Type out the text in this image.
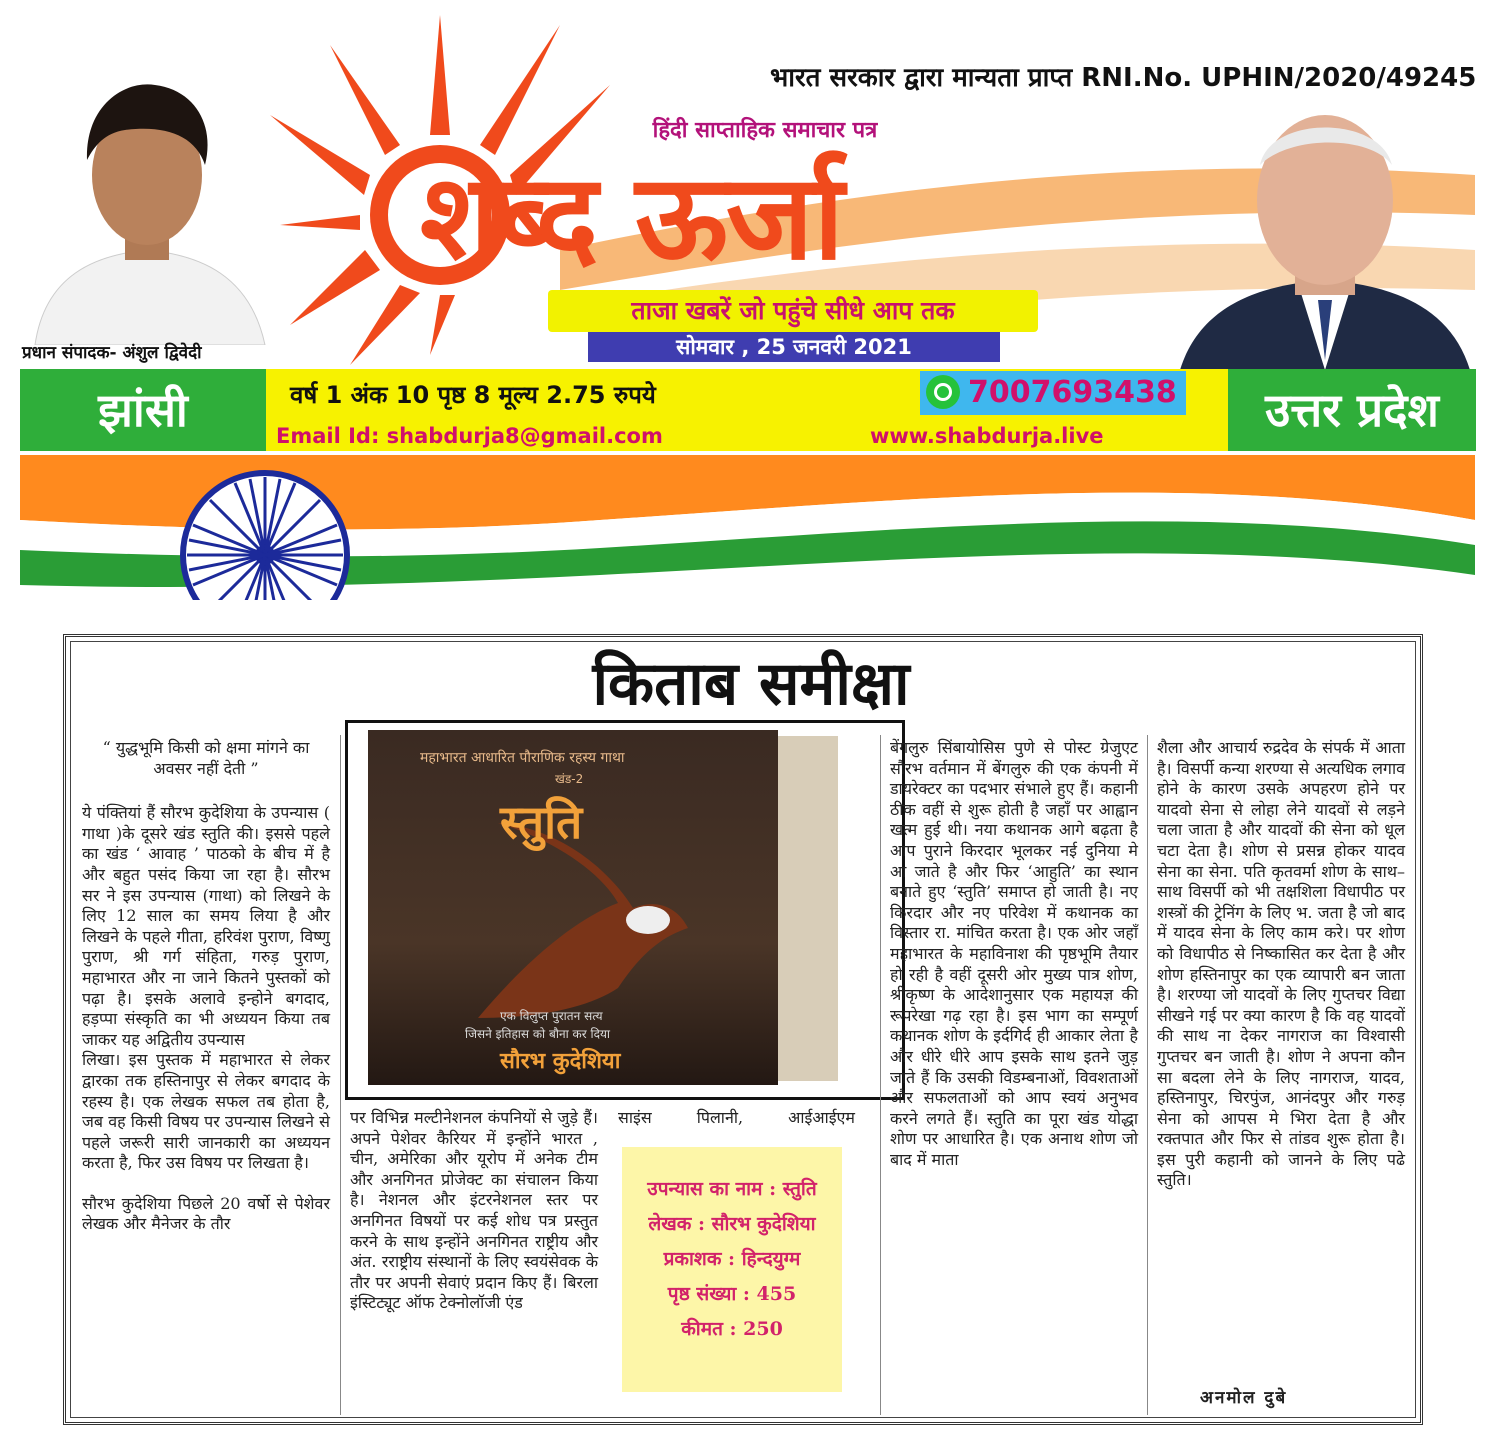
भारत सरकार द्वारा मान्यता प्राप्त RNI.No. UPHIN/2020/49245
हिंदी साप्ताहिक समाचार पत्र
शब्द ऊर्जा
ताजा खबरें जो पहुंचे सीधे आप तक
सोमवार , 25 जनवरी 2021
प्रधान संपादक- अंशुल द्विवेदी
झांसी	वर्ष 1 अंक 10 पृष्ठ 8 मूल्य 2.75 रुपये	7007693438
Email Id: shabdurja8@gmail.com	www.shabdurja.live	उत्तर प्रदेश
किताब समीक्षा

“ युद्धभूमि किसी को क्षमा मांगने का अवसर नहीं देती ”

ये पंक्तियां हैं सौरभ कुदेशिया के उपन्यास ( गाथा )के दूसरे खंड स्तुति की। इससे पहले का खंड ‘ आवाह ’ पाठको के बीच में है और बहुत पसंद किया जा रहा है। सौरभ सर ने इस उपन्यास (गाथा) को लिखने के लिए 12 साल का समय लिया है और लिखने के पहले गीता, हरिवंश पुराण, विष्णु पुराण, श्री गर्ग संहिता, गरुड़ पुराण, महाभारत और ना जाने कितने पुस्तकों को पढ़ा है। इसके अलावे इन्होने बगदाद, हड़प्पा संस्कृति का भी अध्ययन किया तब जाकर यह अद्वितीय उपन्यास

लिखा। इस पुस्तक में महाभारत से लेकर द्वारका तक हस्तिनापुर से लेकर बगदाद के रहस्य है। एक लेखक सफल तब होता है, जब वह किसी विषय पर उपन्यास लिखने से पहले जरूरी सारी जानकारी का अध्ययन करता है, फिर उस विषय पर लिखता है।

सौरभ कुदेशिया पिछले 20 वर्षो से पेशेवर लेखक और मैनेजर के तौर

महाभारत आधारित पौराणिक रहस्य गाथा
खंड-2
स्तुति
एक विलुप्त पुरातन सत्य
जिसने इतिहास को बौना कर दिया
सौरभ कुदेशिया

पर विभिन्न मल्टीनेशनल कंपनियों से जुड़े हैं। अपने पेशेवर कैरियर में इन्होंने भारत , चीन, अमेरिका और यूरोप में अनेक टीम और अनगिनत प्रोजेक्ट का संचालन किया है। नेशनल और इंटरनेशनल स्तर पर अनगिनत विषयों पर कई शोध पत्र प्रस्तुत करने के साथ इन्होंने अनगिनत राष्ट्रीय और अंत. रराष्ट्रीय संस्थानों के लिए स्वयंसेवक के तौर पर अपनी सेवाएं प्रदान किए हैं। बिरला इंस्टिट्यूट ऑफ टेक्नोलॉजी एंड

साइंस पिलानी, आईआईएम

उपन्यास का नाम : स्तुति
लेखक : सौरभ कुदेशिया
प्रकाशक : हिन्दयुग्म
पृष्ठ संख्या : 455
कीमत : 250

बेंगलुरु सिंबायोसिस पुणे से पोस्ट ग्रेजुएट सौरभ वर्तमान में बेंगलुरु की एक कंपनी में डायरेक्टर का पदभार संभाले हुए हैं। कहानी ठीक वहीं से शुरू होती है जहाँ पर आह्वान खत्म हुई थी। नया कथानक आगे बढ़ता है आप पुराने किरदार भूलकर नई दुनिया मे आ जाते है और फिर ‘आहुति’ का स्थान बनाते हुए ‘स्तुति’ समाप्त हो जाती है। नए किरदार और नए परिवेश में कथानक का विस्तार रा. मांचित करता है। एक ओर जहाँ महाभारत के महाविनाश की पृष्ठभूमि तैयार हो रही है वहीं दूसरी ओर मुख्य पात्र शोण, श्रीकृष्ण के आदेशानुसार एक महायज्ञ की रूपरेखा गढ़ रहा है। इस भाग का सम्पूर्ण कथानक शोण के इर्दगिर्द ही आकार लेता है और धीरे धीरे आप इसके साथ इतने जुड़ जाते हैं कि उसकी विडम्बनाओं, विवशताओं और सफलताओं को आप स्वयं अनुभव करने लगते हैं। स्तुति का पूरा खंड योद्धा शोण पर आधारित है। एक अनाथ शोण जो बाद में माता

शैला और आचार्य रुद्रदेव के संपर्क में आता है। विसर्पी कन्या शरण्या से अत्यधिक लगाव होने के कारण उसके अपहरण होने पर यादवो सेना से लोहा लेने यादवों से लड़ने चला जाता है और यादवों की सेना को धूल चटा देता है। शोण से प्रसन्न होकर यादव सेना का सेना. पति कृतवर्मा शोण के साथ–साथ विसर्पी को भी तक्षशिला विधापीठ पर शस्त्रों की ट्रेनिंग के लिए भ. जता है जो बाद में यादव सेना के लिए काम करे। पर शोण को विधापीठ से निष्कासित कर देता है और शोण हस्तिनापुर का एक व्यापारी बन जाता है। शरण्या जो यादवों के लिए गुप्तचर विद्या सीखने गई पर क्या कारण है कि वह यादवों की साथ ना देकर नागराज का विश्वासी गुप्तचर बन जाती है। शोण ने अपना कौन सा बदला लेने के लिए नागराज, यादव, हस्तिनापुर, चिरपुंज, आनंदपुर और गरुड़ सेना को आपस मे भिरा देता है और रक्तपात और फिर से तांडव शुरू होता है। इस पुरी कहानी को जानने के लिए पढे स्तुति।

अनमोल दुबे
